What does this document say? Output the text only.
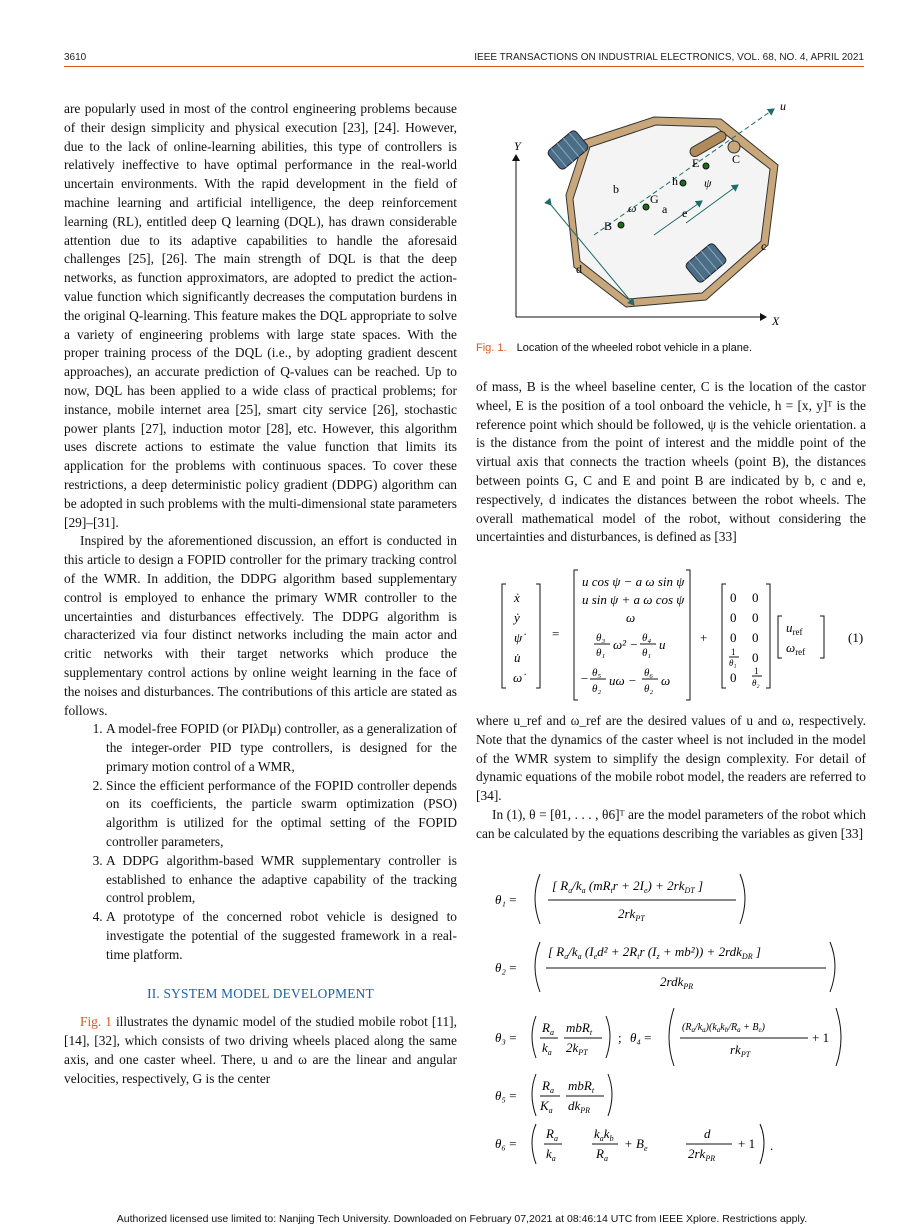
3610	IEEE TRANSACTIONS ON INDUSTRIAL ELECTRONICS, VOL. 68, NO. 4, APRIL 2021

are popularly used in most of the control engineering problems because of their design simplicity and physical execution [23], [24]. However, due to the lack of online-learning abilities, this type of controllers is relatively ineffective to have optimal performance in the real-world uncertain environments. With the rapid development in the field of machine learning and artificial intelligence, the deep reinforcement learning (RL), entitled deep Q learning (DQL), has drawn considerable attention due to its adaptive capabilities to handle the aforesaid challenges [25], [26]. The main strength of DQL is that the deep networks, as function approximators, are adopted to predict the action-value function which significantly decreases the computation burdens in the original Q-learning. This feature makes the DQL appropriate to solve a variety of engineering problems with large state spaces. With the proper training process of the DQL (i.e., by adopting gradient descent approaches), an accurate prediction of Q-values can be reached. Up to now, DQL has been applied to a wide class of practical problems; for instance, mobile internet area [25], smart city service [26], stochastic power plants [27], induction motor [28], etc. However, this algorithm uses discrete actions to estimate the value function that limits its application for the problems with continuous spaces. To cover these restrictions, a deep deterministic policy gradient (DDPG) algorithm can be adopted in such problems with the multi-dimensional state parameters [29]–[31].

Inspired by the aforementioned discussion, an effort is conducted in this article to design a FOPID controller for the primary tracking control of the WMR. In addition, the DDPG algorithm based supplementary control is employed to enhance the primary WMR controller to the uncertainties and disturbances effectively. The DDPG algorithm is characterized via four distinct networks including the main actor and critic networks with their target networks which produce the supplementary control actions by online weight learning in the face of the noises and disturbances. The contributions of this article are stated as follows.

1. A model-free FOPID (or PIλDμ) controller, as a generalization of the integer-order PID type controllers, is designed for the primary motion control of a WMR,
2. Since the efficient performance of the FOPID controller depends on its coefficients, the particle swarm optimization (PSO) algorithm is utilized for the optimal setting of the FOPID controller parameters,
3. A DDPG algorithm-based WMR supplementary controller is established to enhance the adaptive capability of the tracking control problem,
4. A prototype of the concerned robot vehicle is designed to investigate the potential of the suggested framework in a real-time platform.
II. SYSTEM MODEL DEVELOPMENT

Fig. 1 illustrates the dynamic model of the studied mobile robot [11], [14], [32], which consists of two driving wheels placed along the same axis, and one caster wheel. There, u and ω are the linear and angular velocities, respectively, G is the center

Y
X
u
d
c
e
B
G
b
ω a
h ψ
E	C
Fig. 1. Location of the wheeled robot vehicle in a plane.

of mass, B is the wheel baseline center, C is the location of the castor wheel, E is the position of a tool onboard the vehicle, h = [x, y]ᵀ is the reference point which should be followed, ψ is the vehicle orientation. a is the distance from the point of interest and the middle point of the virtual axis that connects the traction wheels (point B), the distances between points G, C and E and point B are indicated by b, c and e, respectively, d indicates the distances between the robot wheels. The overall mathematical model of the robot, without considering the uncertainties and disturbances, is defined as [33]

ẋ
ẏ
ψ̇
u̇
ω̇
=
u cos ψ − a ω sin ψ
u sin ψ + a ω cos ψ
ω
θ₃
θ₁
ω² − θ₄
θ₁
u
− θ₅
θ₂
uω − θ₆
θ₂
ω
+
0 0
0 0
0 0
1
θ₁ 0
0 1
θ₂
$u_{ref}$
$\omega_{ref}$
(1)

where u_ref and ω_ref are the desired values of u and ω, respectively. Note that the dynamics of the caster wheel is not included in the model of the WMR system to simplify the design complexity. For detail of dynamic equations of the mobile robot model, the readers are referred to [34].

In (1), θ = [θ1, . . . , θ6]ᵀ are the model parameters of the robot which can be calculated by the equations describing the variables as given [33]

θ₁ =
[ $R_a/k_a$ $(mR_tr + 2I_e) + 2rk_{DT}$ ]
$2rk_{PT}$
θ₂ =
[ $R_a/k_a$ ($I_ed^2 + 2R_tr$ $(I_z + mb^2)) + 2rdk_{DR}$ ]
2rdk$_{PR}$
θ₃ =
$R_a$
$k_a$
mbR$_t$
$2k_{PT}$
; θ₄ =
$(R_a/k_a)(k_ak_b/R_a + B_e)$
$rk_{PT}$
+ 1
θ₅ =
$R_a$
$K_a$
mbR$_t$
$dk_{PR}$
θ₆ =
$R_a$
$k_a$
$k_ak_b$
$R_a$
+ $B_e$
d
$2rk_{PR}$
+ 1 .
Authorized licensed use limited to: Nanjing Tech University. Downloaded on February 07,2021 at 08:46:14 UTC from IEEE Xplore. Restrictions apply.
